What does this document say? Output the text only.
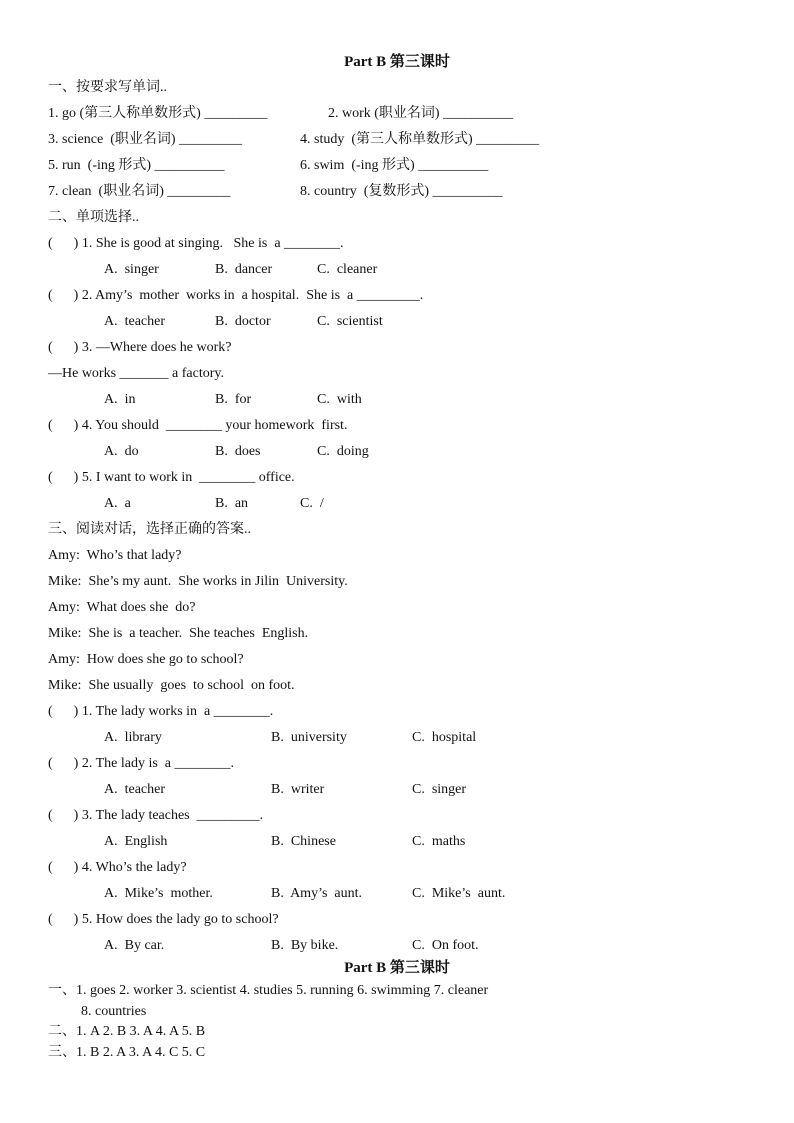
Part B 第三课时
一、按要求写单词..
1. go (第三人称单数形式) _________	2. work (职业名词) __________
3. science  (职业名词) _________	4. study  (第三人称单数形式) _________
5. run  (-ing 形式) __________	6. swim  (-ing 形式) __________
7. clean  (职业名词) _________	8. country  (复数形式) __________
二、单项选择..
(      ) 1. She is good at singing.   She is  a ________.
A.  singer	B.  dancer	C.  cleaner
(      ) 2. Amy’s  mother  works in  a hospital.  She is  a _________.
A.  teacher	B.  doctor	C.  scientist
(      ) 3. —Where does he work?
—He works _______ a factory.
A.  in	B.  for	C.  with
(      ) 4. You should  ________ your homework  first.
A.  do	B.  does	C.  doing
(      ) 5. I want to work in  ________ office.
A.  a	B.  an	C.  /
三、阅读对话，选择正确的答案..
Amy:  Who’s that lady?
Mike:  She’s my aunt.  She works in Jilin  University.
Amy:  What does she  do?
Mike:  She is  a teacher.  She teaches  English.
Amy:  How does she go to school?
Mike:  She usually  goes  to school  on foot.
(      ) 1. The lady works in  a ________.
A.  library	B.  university	C.  hospital
(      ) 2. The lady is  a ________.
A.  teacher	B.  writer	C.  singer
(      ) 3. The lady teaches  _________.
A.  English	B.  Chinese	C.  maths
(      ) 4. Who’s the lady?
A.  Mike’s  mother.	B.  Amy’s  aunt.	C.  Mike’s  aunt.
(      ) 5. How does the lady go to school?
A.  By car.	B.  By bike.	C.  On foot.
Part B 第三课时
一、1. goes 2. worker 3. scientist 4. studies 5. running 6. swimming 7. cleaner
8. countries
二、1. A 2. B 3. A 4. A 5. B
三、1. B 2. A 3. A 4. C 5. C
